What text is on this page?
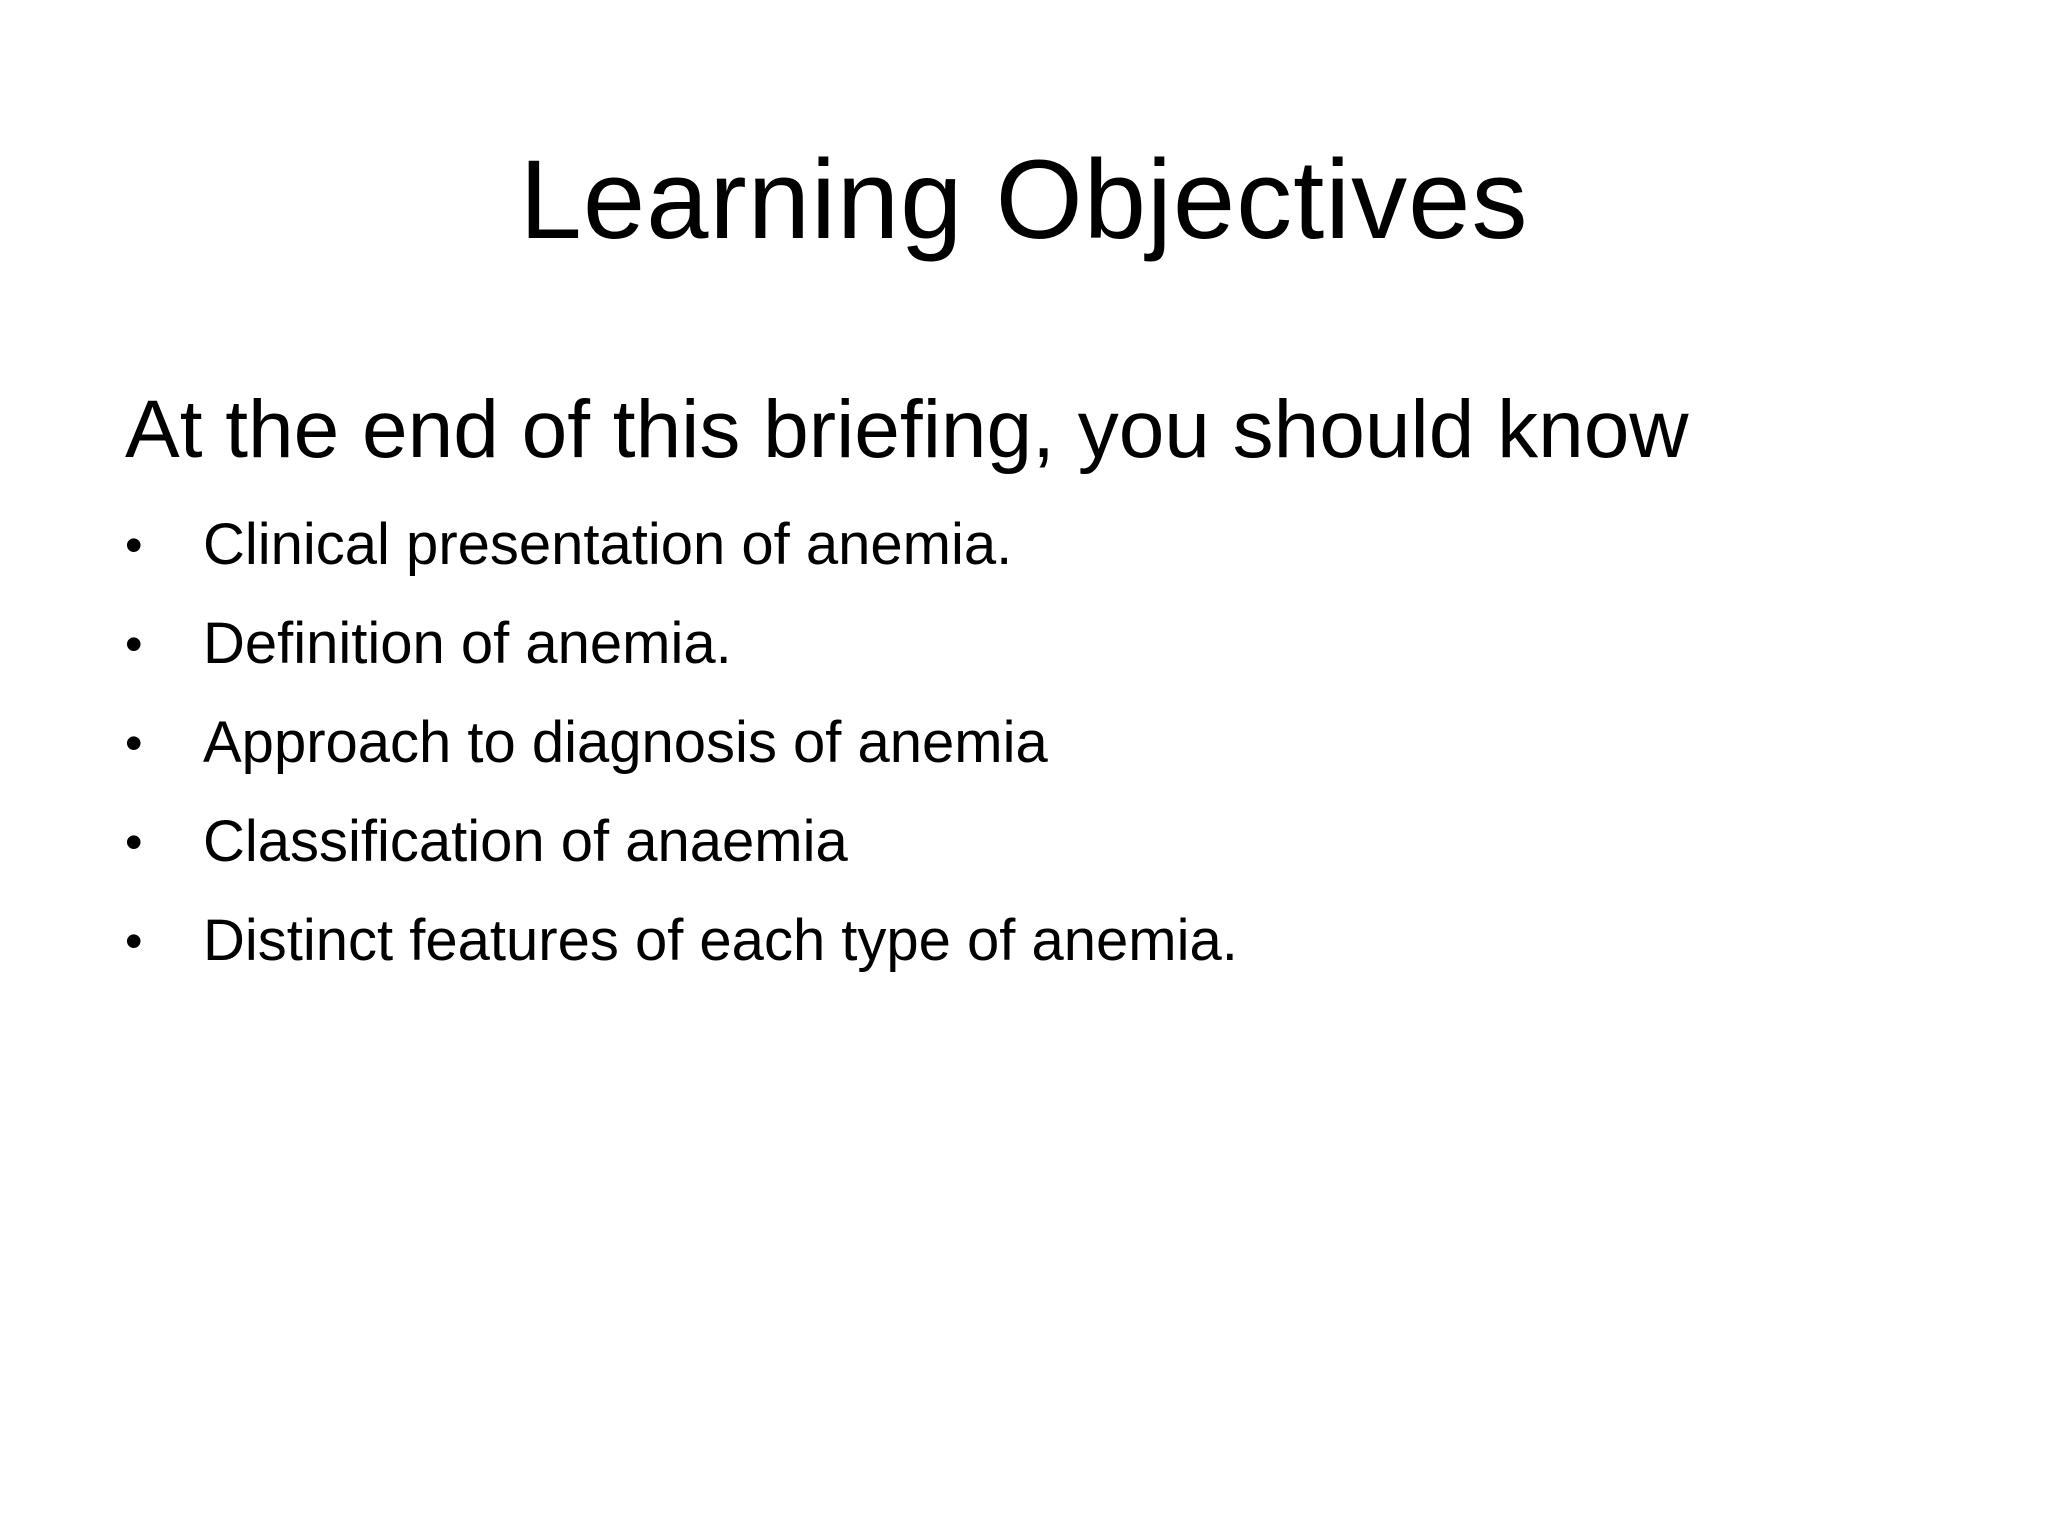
Learning Objectives

At the end of this briefing, you should know

•	Clinical presentation of anemia.
•	Definition of anemia.
•	Approach to diagnosis of anemia
•	Classification of anaemia
•	Distinct features of each type of anemia.
